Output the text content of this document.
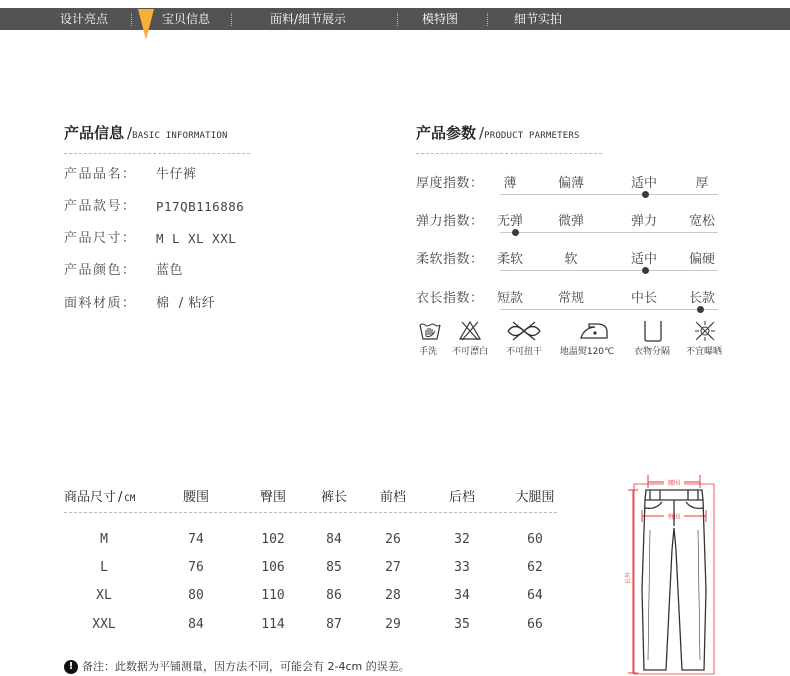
设计亮点	宝贝信息	面料/细节展示	模特图	细节实拍
产品信息 /BASIC INFORMATION
产品品名：	牛仔裤
产品款号：	P17QB116886
产品尺寸：	M L XL XXL
产品颜色：	蓝色
面料材质：	棉  / 粘纤
产品参数 /PRODUCT PARMETERS
厚度指数：	薄	偏薄	适中	厚
弹力指数：	无弹	微弹	弹力	宽松
柔软指数：	柔软	软	适中	偏硬
衣长指数：	短款	常规	中长	长款
手洗	不可漂白	不可扭干	地温熨120℃	衣物分隔	不宜曝晒
商品尺寸 / CM	腰围	臀围	裤长	前档	后档	大腿围
M	74	102	84	26	32	60
L	76	106	85	27	33	62
XL	80	110	86	28	34	64
XXL	84	114	87	29	35	66
! 备注：此数据为平铺测量，因方法不同，可能会有 2-4cm 的误差。
腰围
臀围
长外
